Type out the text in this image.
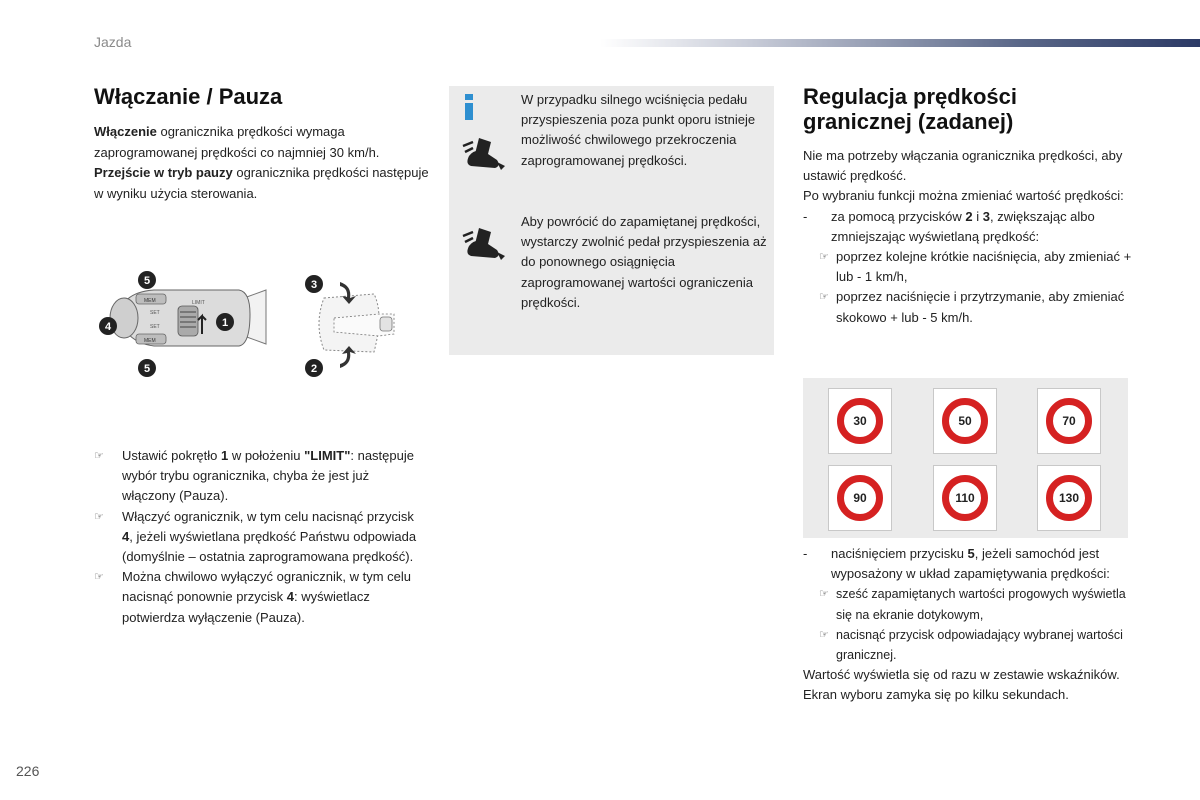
Jazda
Włączanie / Pauza
Włączenie ogranicznika prędkości wymaga zaprogramowanej prędkości co najmniej 30 km/h.
Przejście w tryb pauzy ogranicznika prędkości następuje w wyniku użycia sterowania.
MEM
MEM
SET
SET
LIMIT
5
4
5
1
3
2
☞ Ustawić pokrętło 1 w położeniu "LIMIT": następuje wybór trybu ogranicznika, chyba że jest już włączony (Pauza).
☞ Włączyć ogranicznik, w tym celu nacisnąć przycisk 4, jeżeli wyświetlana prędkość Państwu odpowiada (domyślnie – ostatnia zaprogramowana prędkość).
☞ Można chwilowo wyłączyć ogranicznik, w tym celu nacisnąć ponownie przycisk 4: wyświetlacz potwierdza wyłączenie (Pauza).
W przypadku silnego wciśnięcia pedału przyspieszenia poza punkt oporu istnieje możliwość chwilowego przekroczenia zaprogramowanej prędkości.
Aby powrócić do zapamiętanej prędkości, wystarczy zwolnić pedał przyspieszenia aż do ponownego osiągnięcia zaprogramowanej wartości ograniczenia prędkości.
Regulacja prędkości granicznej (zadanej)
Nie ma potrzeby włączania ogranicznika prędkości, aby ustawić prędkość.
Po wybraniu funkcji można zmieniać wartość prędkości:
- za pomocą przycisków 2 i 3, zwiększając albo zmniejszając wyświetlaną prędkość:
☞ poprzez kolejne krótkie naciśnięcia, aby zmieniać + lub - 1 km/h,
☞ poprzez naciśnięcie i przytrzymanie, aby zmieniać skokowo + lub - 5 km/h.
30	50	70
90	110	130
- naciśnięciem przycisku 5, jeżeli samochód jest wyposażony w układ zapamiętywania prędkości:
☞ sześć zapamiętanych wartości progowych wyświetla się na ekranie dotykowym,
☞ nacisnąć przycisk odpowiadający wybranej wartości granicznej.
Wartość wyświetla się od razu w zestawie wskaźników.
Ekran wyboru zamyka się po kilku sekundach.
226
